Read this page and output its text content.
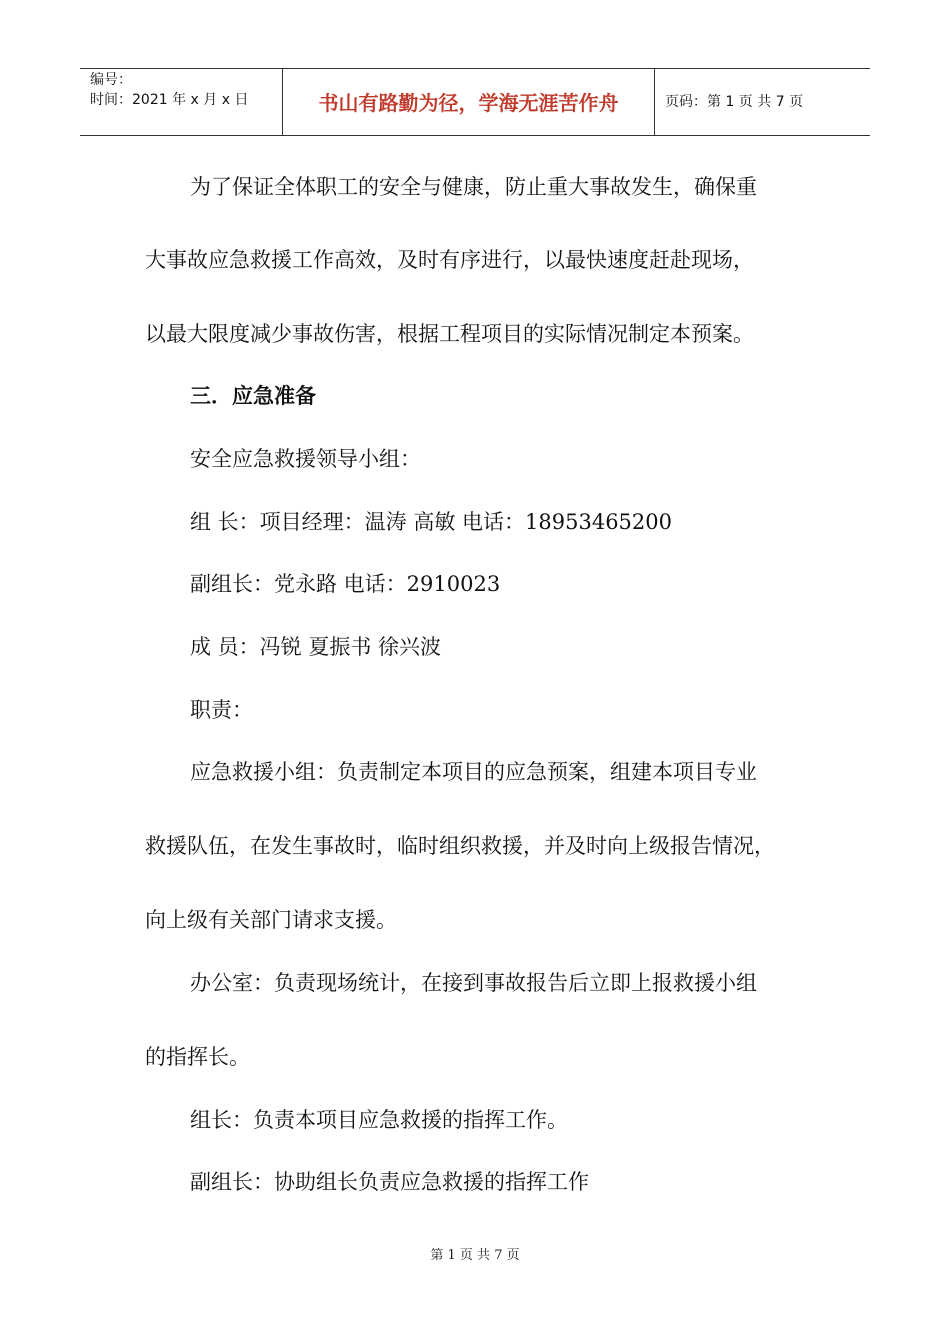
编号：
时间：2021 年 x 月 x 日	书山有路勤为径，学海无涯苦作舟	页码：第 1 页 共 7 页
为了保证全体职工的安全与健康，防止重大事故发生，确保重
大事故应急救援工作高效，及时有序进行，以最快速度赶赴现场，
以最大限度减少事故伤害，根据工程项目的实际情况制定本预案。
三．应急准备
安全应急救援领导小组：
组 长：项目经理：温涛 高敏 电话：18953465200
副组长：党永路 电话：2910023
成 员：冯锐 夏振书 徐兴波
职责：
应急救援小组：负责制定本项目的应急预案，组建本项目专业
救援队伍，在发生事故时，临时组织救援，并及时向上级报告情况，
向上级有关部门请求支援。
办公室：负责现场统计，在接到事故报告后立即上报救援小组
的指挥长。
组长：负责本项目应急救援的指挥工作。
副组长：协助组长负责应急救援的指挥工作
第 1 页 共 7 页
